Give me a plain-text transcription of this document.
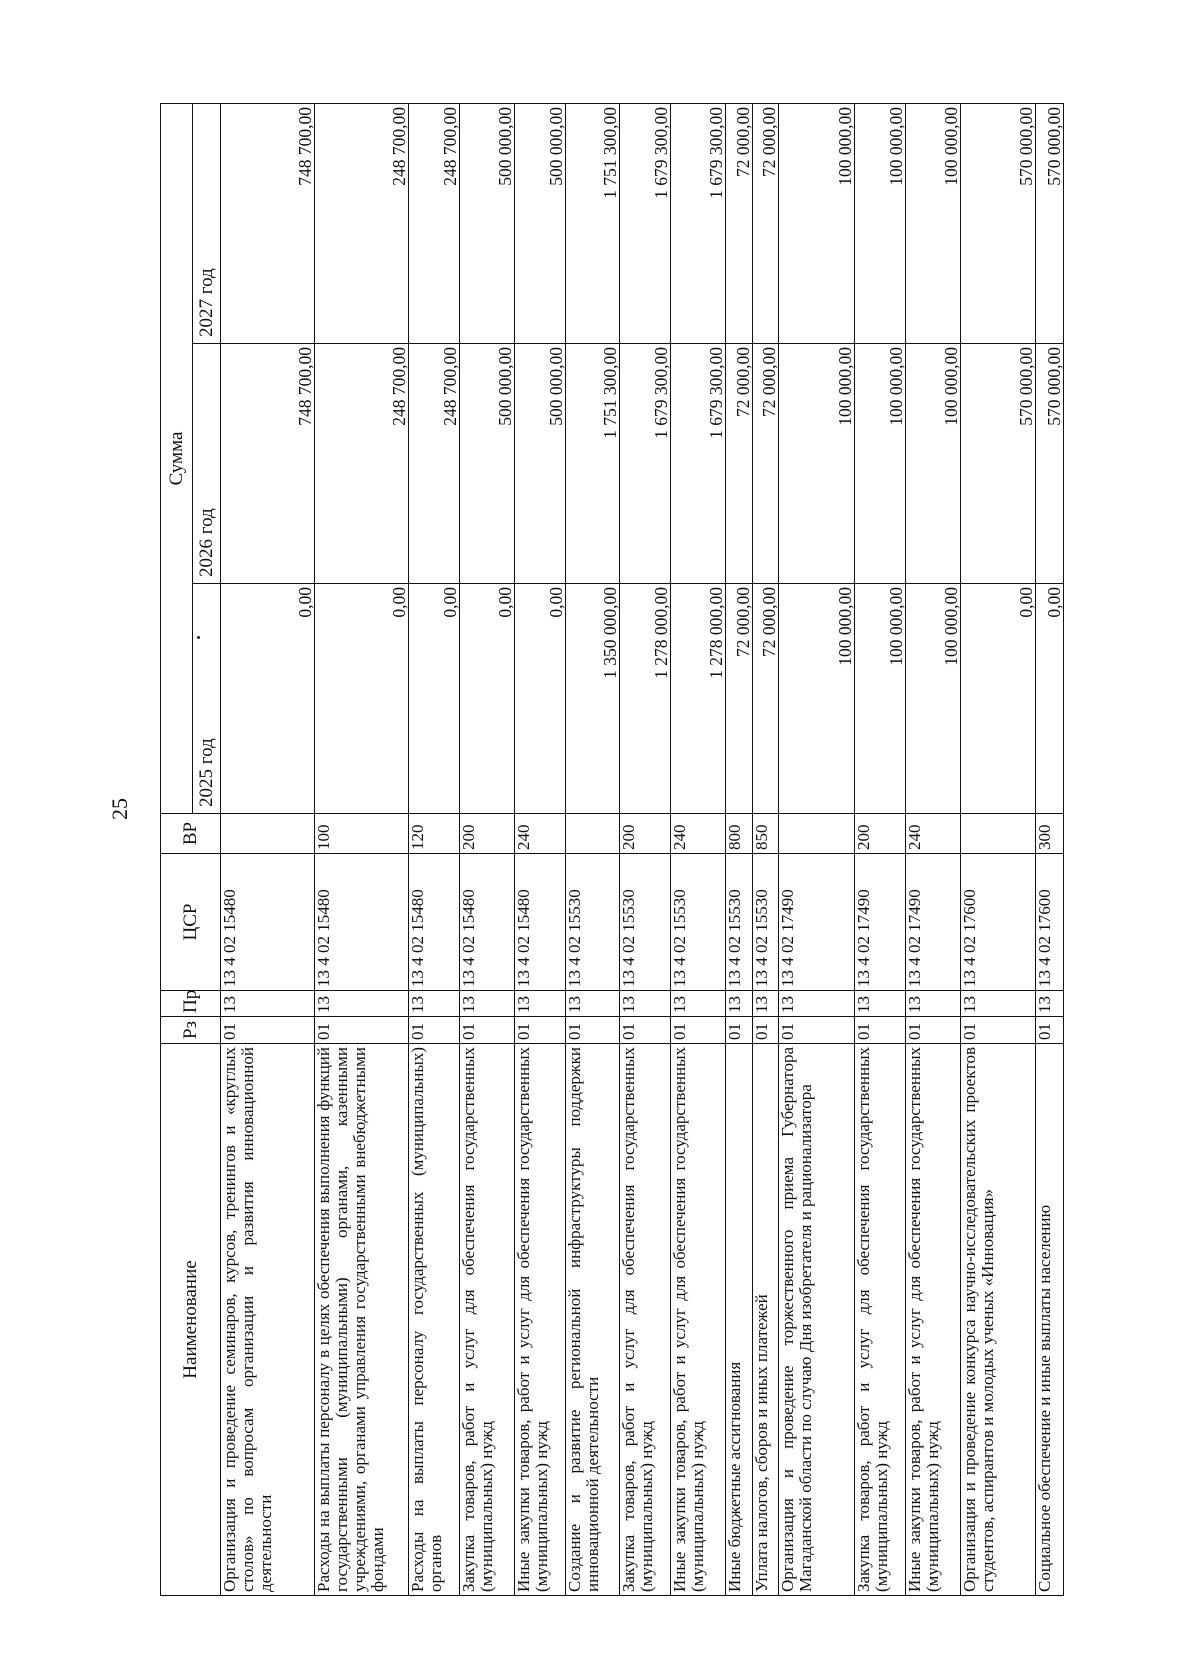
25
Наименование	Рз	Пр	ЦСР	ВР	Сумма		
					2025 год	2026 год	2027 год
Организация и проведение семинаров, курсов, тренингов и «круглых столов» по вопросам организации и развития инновационной деятельности	01	13	13 4 02 15480		0,00	748 700,00	748 700,00
Расходы на выплаты персоналу в целях обеспечения выполнения функций государственными (муниципальными) органами, казенными учреждениями, органами управления государственными внебюджетными фондами	01	13	13 4 02 15480	100	0,00	248 700,00	248 700,00
Расходы на выплаты персоналу государственных (муниципальных) органов	01	13	13 4 02 15480	120	0,00	248 700,00	248 700,00
Закупка товаров, работ и услуг для обеспечения государственных (муниципальных) нужд	01	13	13 4 02 15480	200	0,00	500 000,00	500 000,00
Иные закупки товаров, работ и услуг для обеспечения государственных (муниципальных) нужд	01	13	13 4 02 15480	240	0,00	500 000,00	500 000,00
Создание и развитие региональной инфраструктуры поддержки инновационной деятельности	01	13	13 4 02 15530		1 350 000,00	1 751 300,00	1 751 300,00
Закупка товаров, работ и услуг для обеспечения государственных (муниципальных) нужд	01	13	13 4 02 15530	200	1 278 000,00	1 679 300,00	1 679 300,00
Иные закупки товаров, работ и услуг для обеспечения государственных (муниципальных) нужд	01	13	13 4 02 15530	240	1 278 000,00	1 679 300,00	1 679 300,00
Иные бюджетные ассигнования	01	13	13 4 02 15530	800	72 000,00	72 000,00	72 000,00
Уплата налогов, сборов и иных платежей	01	13	13 4 02 15530	850	72 000,00	72 000,00	72 000,00
Организация и проведение торжественного приема Губернатора Магаданской области по случаю Дня изобретателя и рационализатора	01	13	13 4 02 17490		100 000,00	100 000,00	100 000,00
Закупка товаров, работ и услуг для обеспечения государственных (муниципальных) нужд	01	13	13 4 02 17490	200	100 000,00	100 000,00	100 000,00
Иные закупки товаров, работ и услуг для обеспечения государственных (муниципальных) нужд	01	13	13 4 02 17490	240	100 000,00	100 000,00	100 000,00
Организация и проведение конкурса научно-исследовательских проектов студентов, аспирантов и молодых ученых «Инновация»	01	13	13 4 02 17600		0,00	570 000,00	570 000,00
Социальное обеспечение и иные выплаты населению	01	13	13 4 02 17600	300	0,00	570 000,00	570 000,00
